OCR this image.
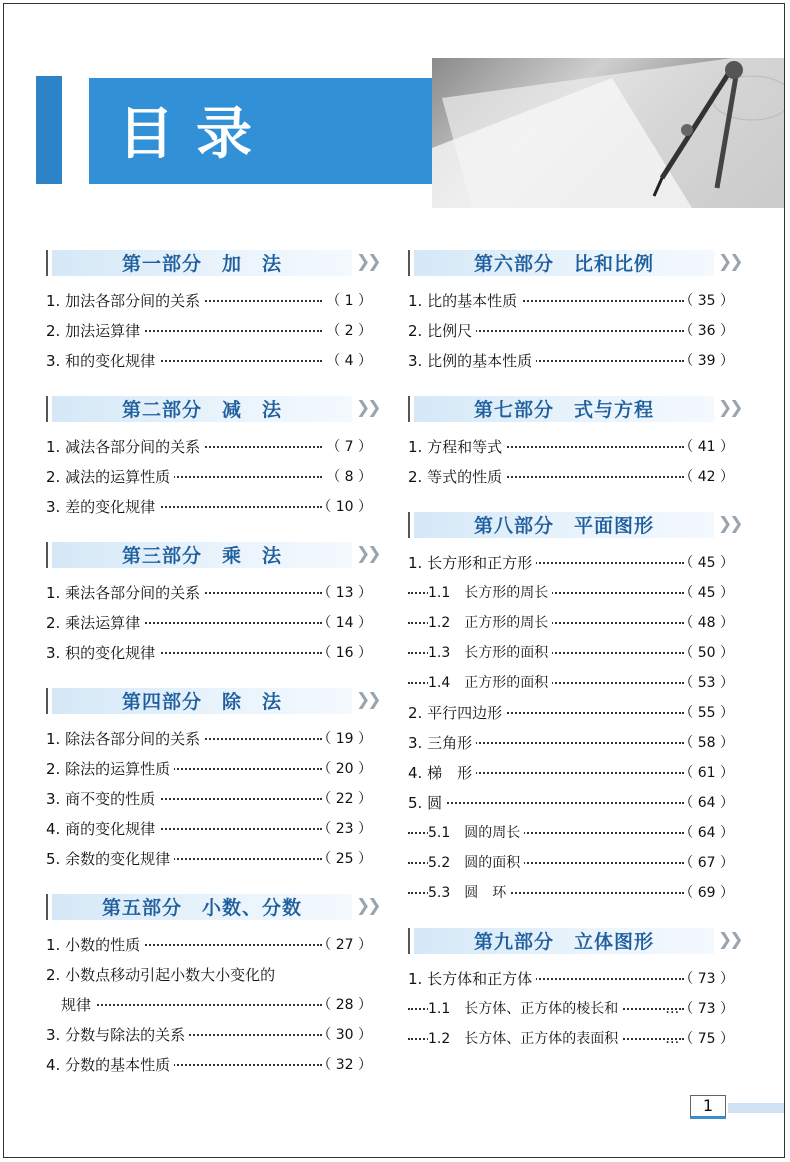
目录
第一部分　加　法	❯❯
1. 加法各部分间的关系	（ 1 ）
2. 加法运算律	（ 2 ）
3. 和的变化规律	（ 4 ）
第二部分　减　法	❯❯
1. 减法各部分间的关系	（ 7 ）
2. 减法的运算性质	（ 8 ）
3. 差的变化规律	（ 10 ）
第三部分　乘　法	❯❯
1. 乘法各部分间的关系	（ 13 ）
2. 乘法运算律	（ 14 ）
3. 积的变化规律	（ 16 ）
第四部分　除　法	❯❯
1. 除法各部分间的关系	（ 19 ）
2. 除法的运算性质	（ 20 ）
3. 商不变的性质	（ 22 ）
4. 商的变化规律	（ 23 ）
5. 余数的变化规律	（ 25 ）
第五部分　小数、分数	❯❯
1. 小数的性质	（ 27 ）
2. 小数点移动引起小数大小变化的
　规律	（ 28 ）
3. 分数与除法的关系	（ 30 ）
4. 分数的基本性质	（ 32 ）
第六部分　比和比例	❯❯
1. 比的基本性质	（ 35 ）
2. 比例尺	（ 36 ）
3. 比例的基本性质	（ 39 ）
第七部分　式与方程	❯❯
1. 方程和等式	（ 41 ）
2. 等式的性质	（ 42 ）
第八部分　平面图形	❯❯
1. 长方形和正方形	（ 45 ）
1.1　长方形的周长	（ 45 ）
1.2　正方形的周长	（ 48 ）
1.3　长方形的面积	（ 50 ）
1.4　正方形的面积	（ 53 ）
2. 平行四边形	（ 55 ）
3. 三角形	（ 58 ）
4. 梯　形	（ 61 ）
5. 圆	（ 64 ）
5.1　圆的周长	（ 64 ）
5.2　圆的面积	（ 67 ）
5.3　圆　环	（ 69 ）
第九部分　立体图形	❯❯
1. 长方体和正方体	（ 73 ）
1.1　长方体、正方体的棱长和	…（ 73 ）
1.2　长方体、正方体的表面积	…（ 75 ）
1
